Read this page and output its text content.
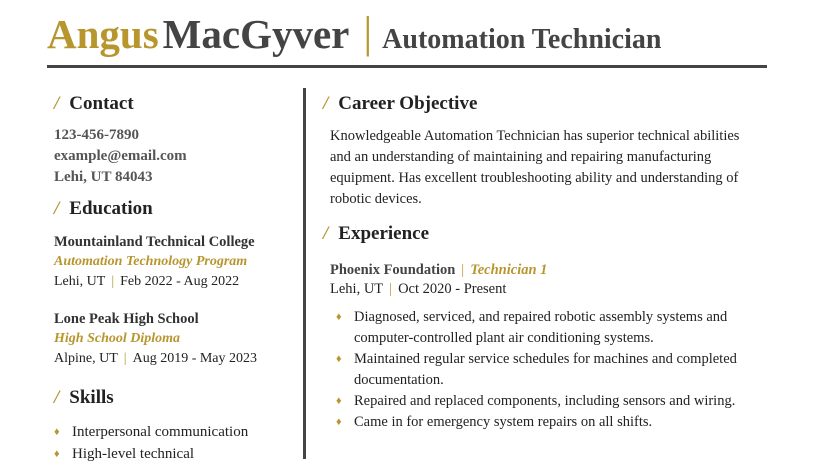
Angus MacGyver | Automation Technician
/ Contact
123-456-7890
example@email.com
Lehi, UT 84043
/ Education
Mountainland Technical College
Automation Technology Program
Lehi, UT | Feb 2022 - Aug 2022
Lone Peak High School
High School Diploma
Alpine, UT | Aug 2019 - May 2023
/ Skills
♦ Interpersonal communication
♦ High-level technical
/ Career Objective
Knowledgeable Automation Technician has superior technical abilities and an understanding of maintaining and repairing manufacturing equipment. Has excellent troubleshooting ability and understanding of robotic devices.
/ Experience
Phoenix Foundation | Technician 1
Lehi, UT | Oct 2020 - Present
♦ Diagnosed, serviced, and repaired robotic assembly systems and computer-controlled plant air conditioning systems.
♦ Maintained regular service schedules for machines and completed documentation.
♦ Repaired and replaced components, including sensors and wiring.
♦ Came in for emergency system repairs on all shifts.
